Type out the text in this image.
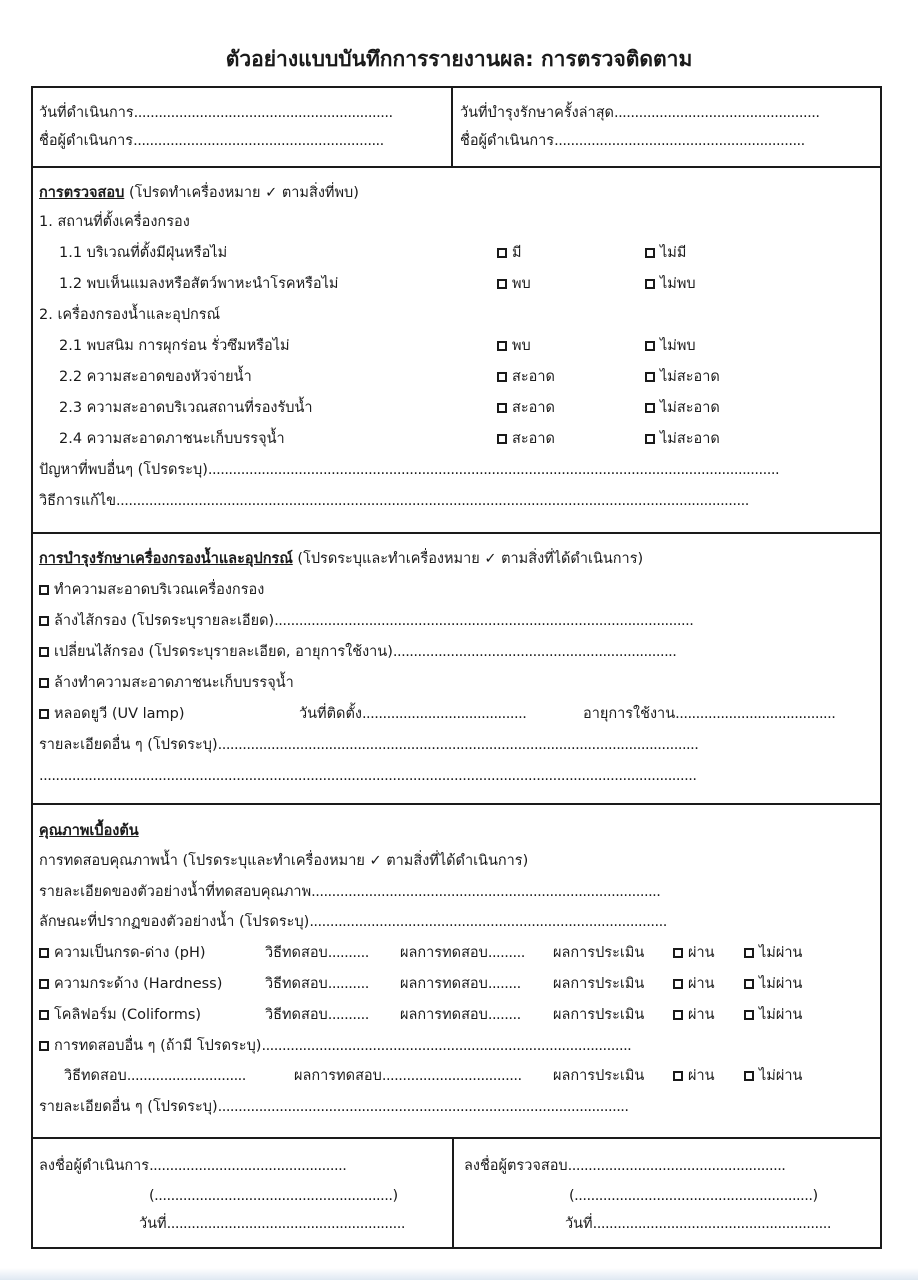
ตัวอย่างแบบบันทึกการรายงานผล: การตรวจติดตาม
วันที่ดำเนินการ...............................................................
ชื่อผู้ดำเนินการ.............................................................
วันที่บำรุงรักษาครั้งล่าสุด..................................................
ชื่อผู้ดำเนินการ.............................................................
การตรวจสอบ (โปรดทำเครื่องหมาย ✓ ตามสิ่งที่พบ)
1. สถานที่ตั้งเครื่องกรอง
1.1 บริเวณที่ตั้งมีฝุ่นหรือไม่	มี	ไม่มี
1.2 พบเห็นแมลงหรือสัตว์พาหะนำโรคหรือไม่	พบ	ไม่พบ
2. เครื่องกรองน้ำและอุปกรณ์
2.1 พบสนิม การผุกร่อน รั่วซึมหรือไม่	พบ	ไม่พบ
2.2 ความสะอาดของหัวจ่ายน้ำ	สะอาด	ไม่สะอาด
2.3 ความสะอาดบริเวณสถานที่รองรับน้ำ	สะอาด	ไม่สะอาด
2.4 ความสะอาดภาชนะเก็บบรรจุน้ำ	สะอาด	ไม่สะอาด
ปัญหาที่พบอื่นๆ (โปรดระบุ)...........................................................................................................................................
วิธีการแก้ไข..........................................................................................................................................................
การบำรุงรักษาเครื่องกรองน้ำและอุปกรณ์ (โปรดระบุและทำเครื่องหมาย ✓ ตามสิ่งที่ได้ดำเนินการ)
ทำความสะอาดบริเวณเครื่องกรอง
ล้างไส้กรอง (โปรดระบุรายละเอียด)......................................................................................................
เปลี่ยนไส้กรอง (โปรดระบุรายละเอียด, อายุการใช้งาน).....................................................................
ล้างทำความสะอาดภาชนะเก็บบรรจุน้ำ
หลอดยูวี (UV lamp)	วันที่ติดตั้ง........................................	อายุการใช้งาน.......................................
รายละเอียดอื่น ๆ (โปรดระบุ).....................................................................................................................
................................................................................................................................................................
คุณภาพเบื้องต้น
การทดสอบคุณภาพน้ำ (โปรดระบุและทำเครื่องหมาย ✓ ตามสิ่งที่ได้ดำเนินการ)
รายละเอียดของตัวอย่างน้ำที่ทดสอบคุณภาพ.....................................................................................
ลักษณะที่ปรากฏของตัวอย่างน้ำ (โปรดระบุ).......................................................................................
ความเป็นกรด-ด่าง (pH)	วิธีทดสอบ.......... ผลการทดสอบ......... ผลการประเมิน	ผ่าน	ไม่ผ่าน
ความกระด้าง (Hardness)	วิธีทดสอบ.......... ผลการทดสอบ........ ผลการประเมิน	ผ่าน	ไม่ผ่าน
โคลิฟอร์ม (Coliforms)	วิธีทดสอบ.......... ผลการทดสอบ........ ผลการประเมิน	ผ่าน	ไม่ผ่าน
การทดสอบอื่น ๆ (ถ้ามี โปรดระบุ)..........................................................................................
วิธีทดสอบ.............................	ผลการทดสอบ.................................. ผลการประเมิน	ผ่าน	ไม่ผ่าน
รายละเอียดอื่น ๆ (โปรดระบุ)....................................................................................................
ลงชื่อผู้ดำเนินการ................................................
(..........................................................)
วันที่..........................................................
ลงชื่อผู้ตรวจสอบ.....................................................
(..........................................................)
วันที่..........................................................
